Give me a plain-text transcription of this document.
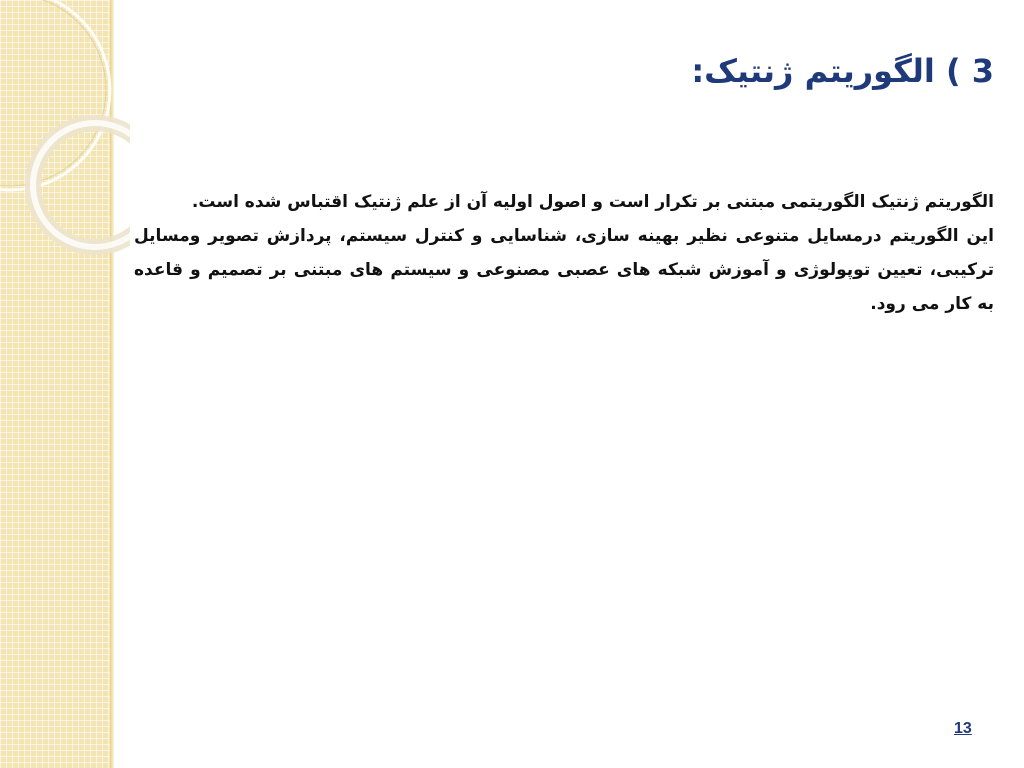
3 ) الگوریتم ژنتیک:

الگوریتم ژنتیک الگوریتمی مبتنی بر تکرار است و اصول اولیه آن از علم ژنتیک اقتباس شده است.

این الگوریتم درمسایل متنوعی نظیر بهینه سازی، شناسایی و کنترل سیستم، پردازش تصویر ومسایل ترکیبی، تعیین توپولوژی و آموزش شبکه های عصبی مصنوعی و سیستم های مبتنی بر تصمیم و قاعده به کار می رود.

13
